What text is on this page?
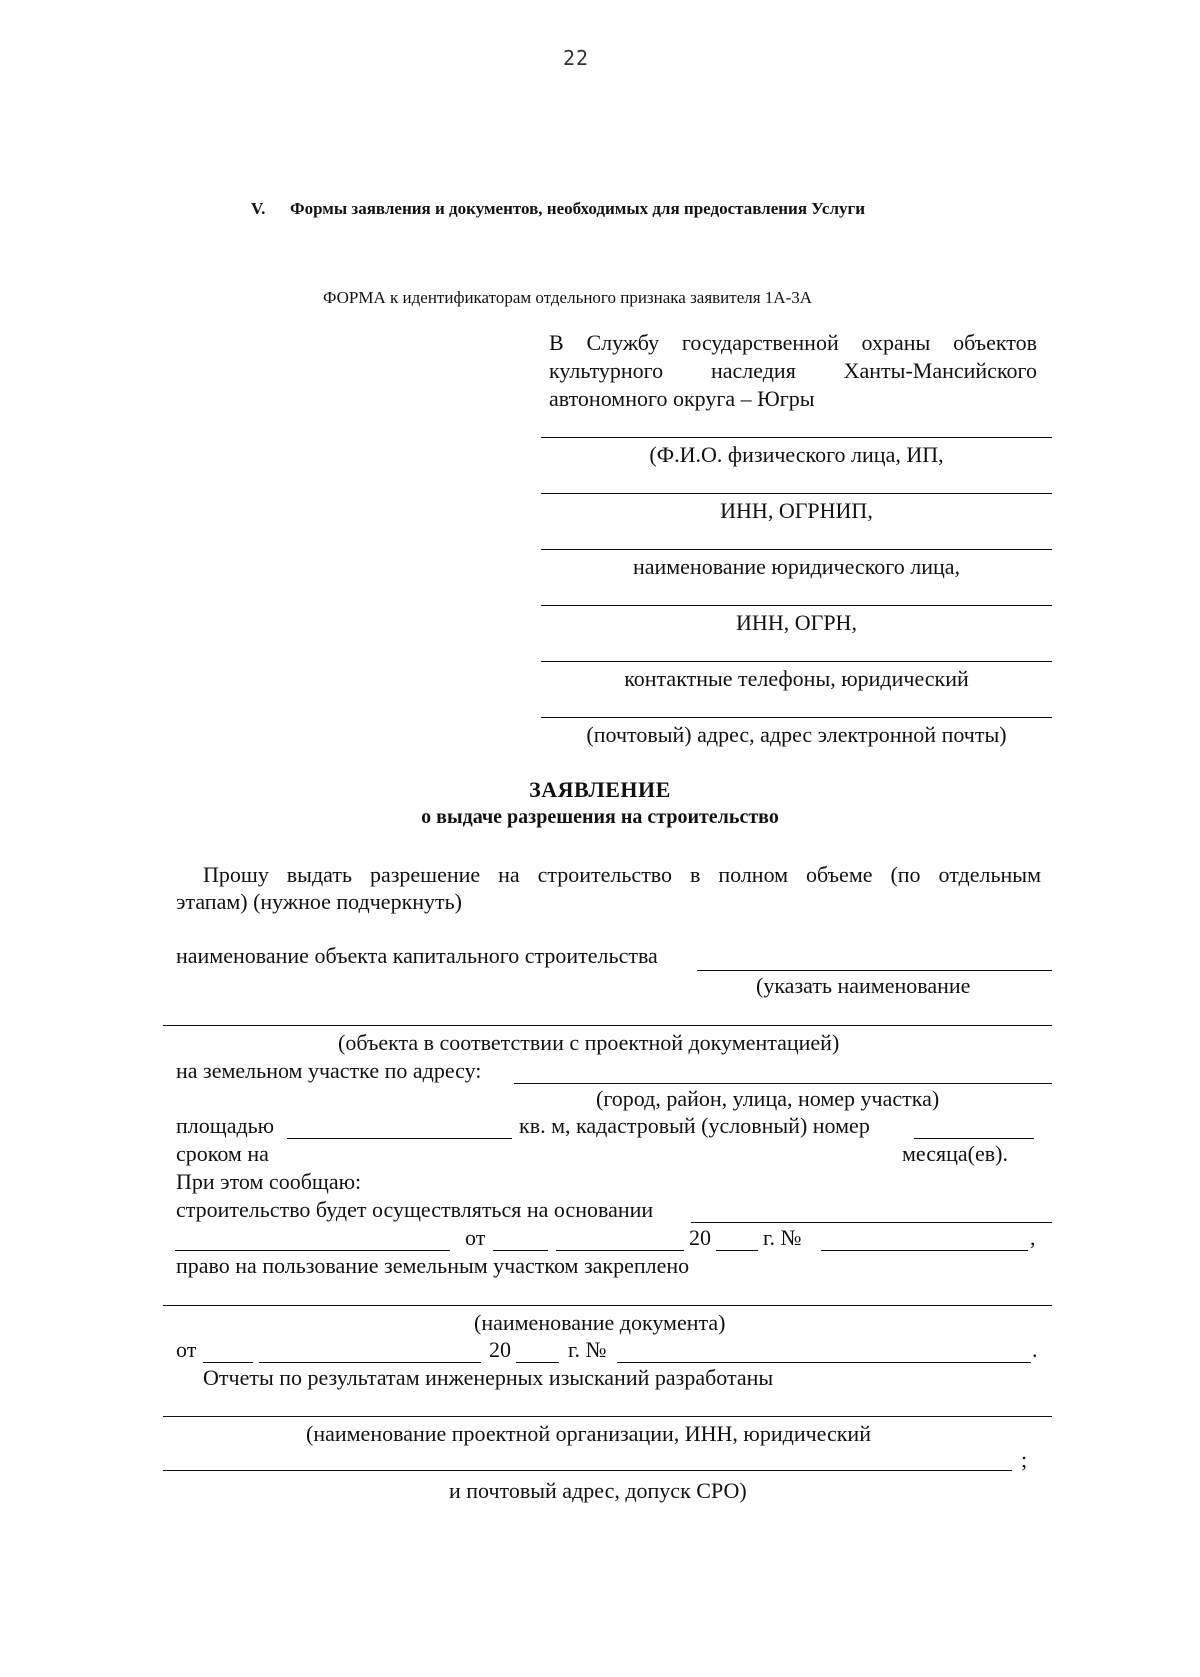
22
V. Формы заявления и документов, необходимых для предоставления Услуги
ФОРМА к идентификаторам отдельного признака заявителя 1А-3А
В Службу государственной охраны объектов
культурного наследия Ханты-Мансийского
автономного округа – Югры
(Ф.И.О. физического лица, ИП,
ИНН, ОГРНИП,
наименование юридического лица,
ИНН, ОГРН,
контактные телефоны, юридический
(почтовый) адрес, адрес электронной почты)
ЗАЯВЛЕНИЕ
о выдаче разрешения на строительство
Прошу выдать разрешение на строительство в полном объеме (по отдельным
этапам) (нужное подчеркнуть)
наименование объекта капитального строительства
(указать наименование
(объекта в соответствии с проектной документацией)
на земельном участке по адресу:
(город, район, улица, номер участка)
площадью	кв. м, кадастровый (условный) номер
сроком на	месяца(ев).
При этом сообщаю:
строительство будет осуществляться на основании
от	20 г. №	,
право на пользование земельным участком закреплено
(наименование документа)
от	20	г. №	.
Отчеты по результатам инженерных изысканий разработаны
(наименование проектной организации, ИНН, юридический
;
и почтовый адрес, допуск СРО)
